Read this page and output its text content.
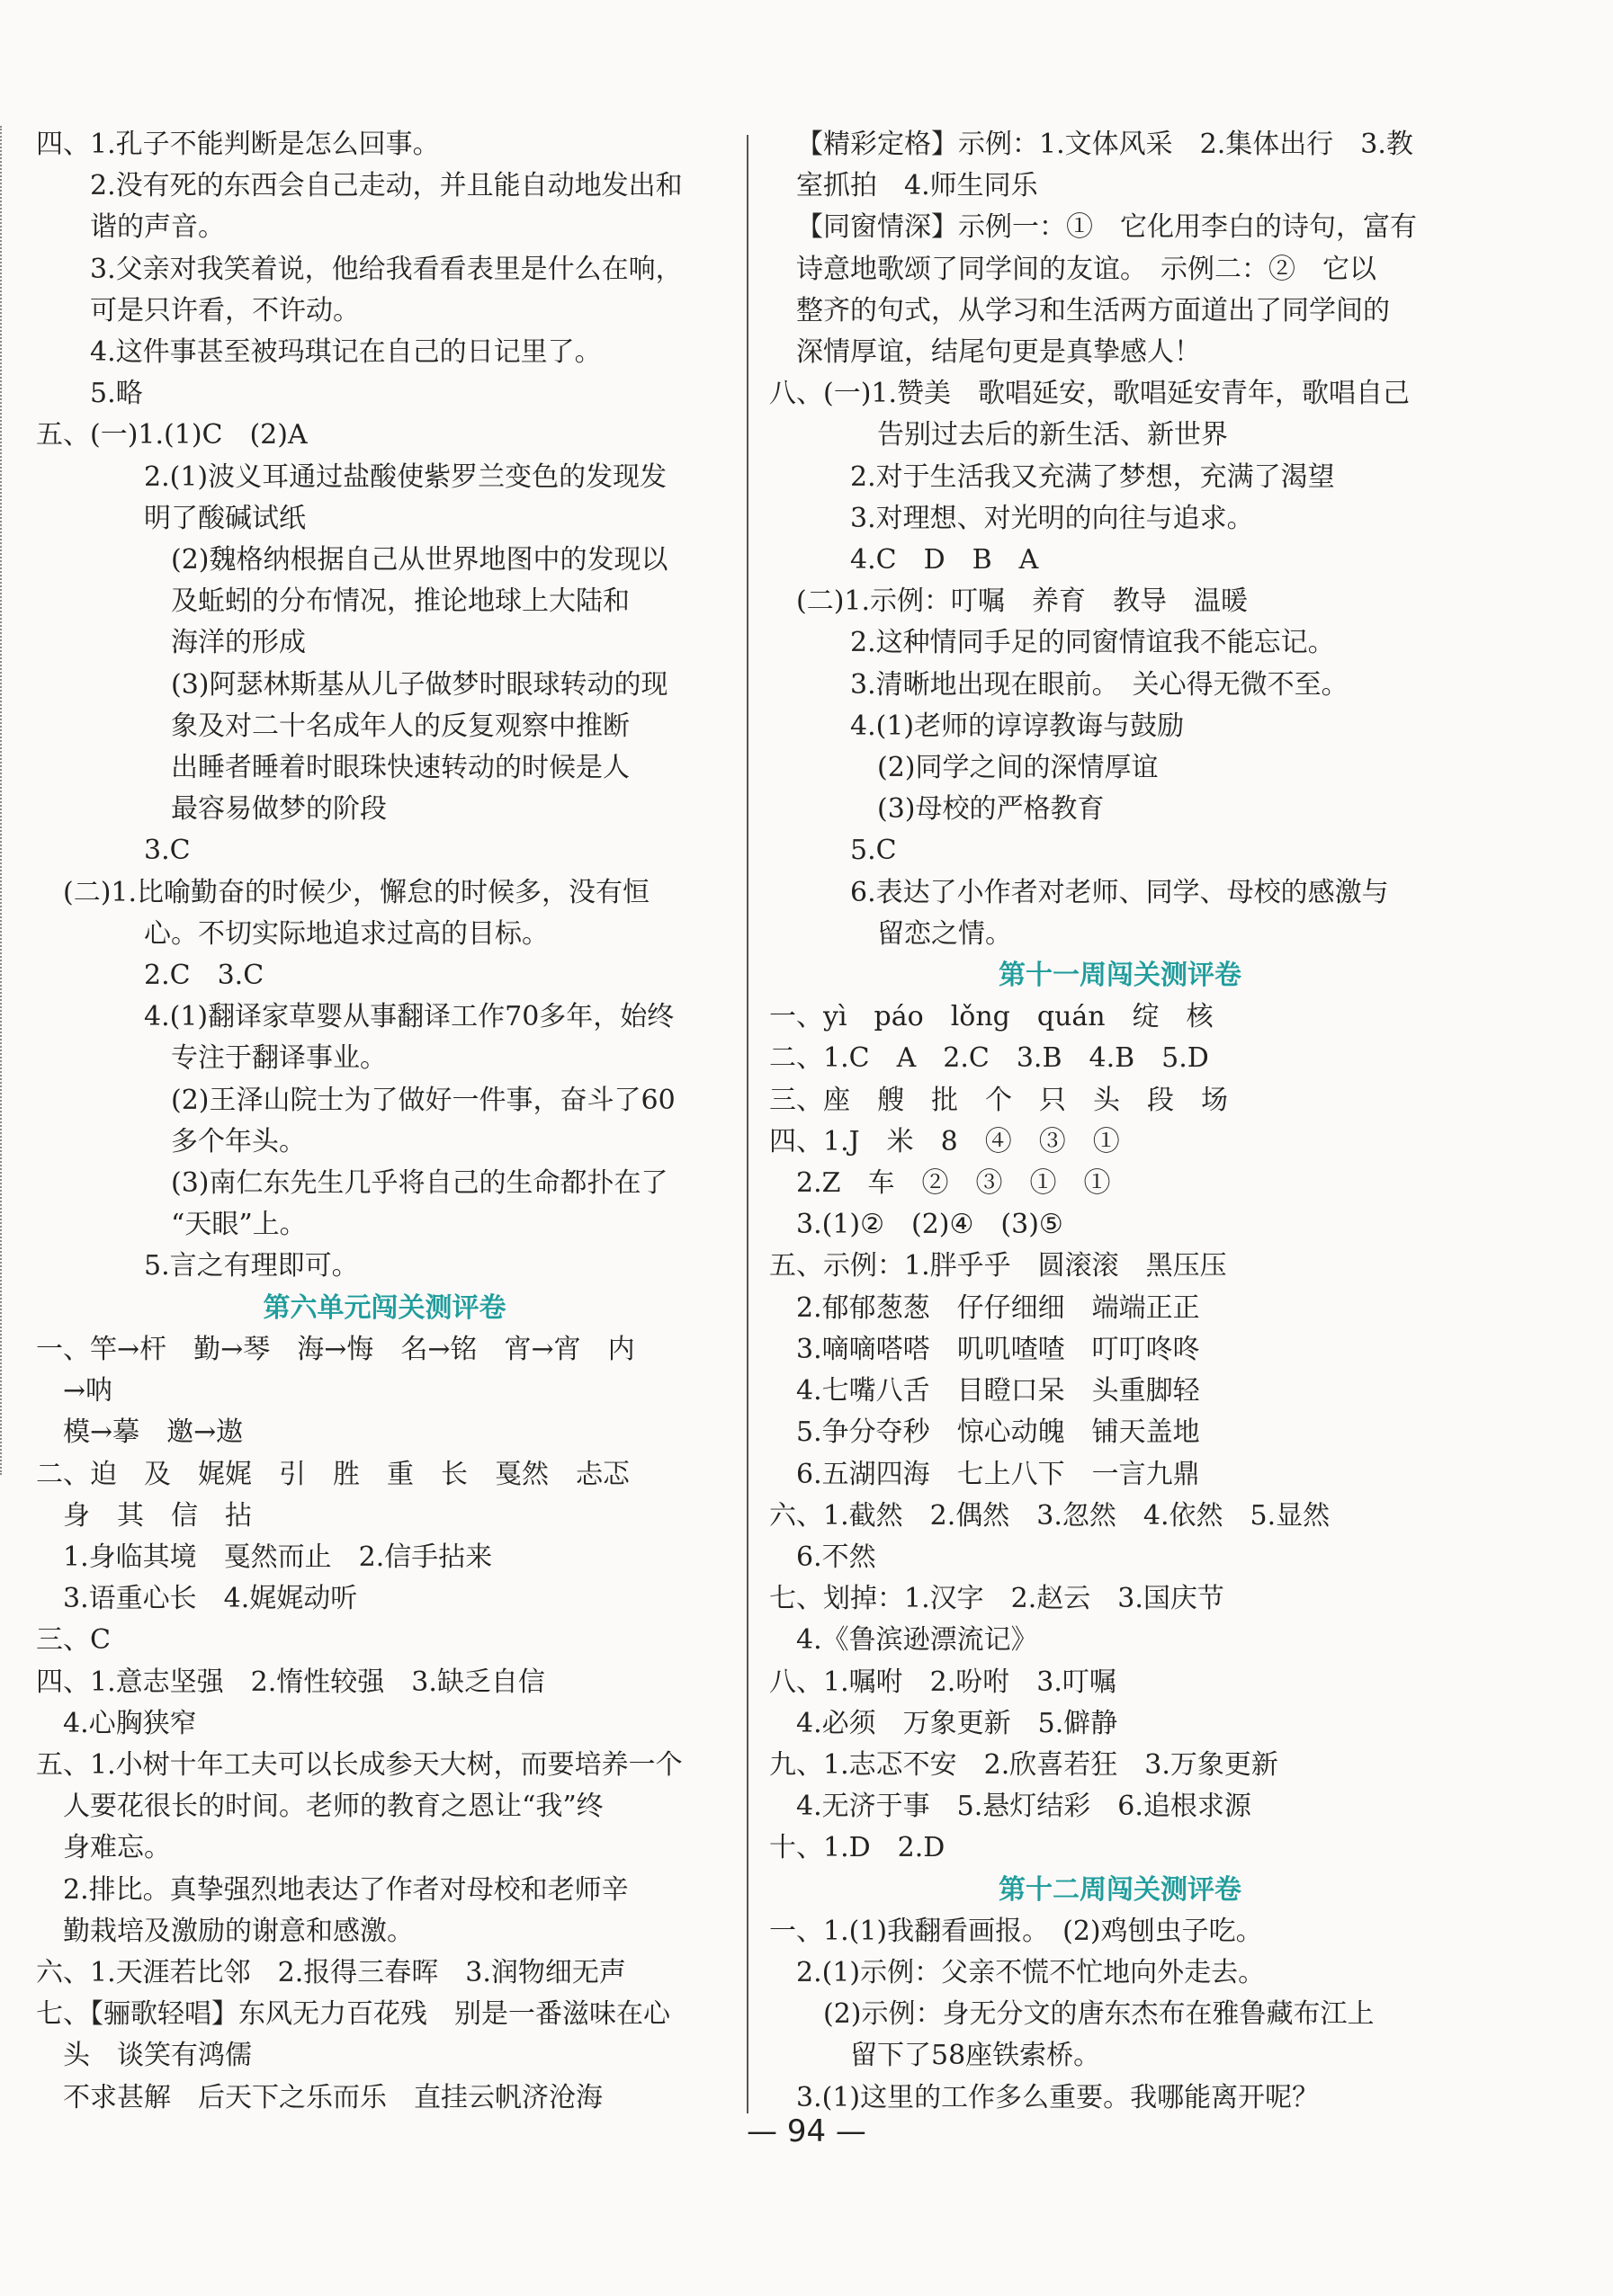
四、1.孔子不能判断是怎么回事。
2.没有死的东西会自己走动，并且能自动地发出和
谐的声音。
3.父亲对我笑着说，他给我看看表里是什么在响，
可是只许看，不许动。
4.这件事甚至被玛琪记在自己的日记里了。
5.略
五、(一)1.(1)C　(2)A
2.(1)波义耳通过盐酸使紫罗兰变色的发现发
明了酸碱试纸
(2)魏格纳根据自己从世界地图中的发现以
及蚯蚓的分布情况，推论地球上大陆和
海洋的形成
(3)阿瑟林斯基从儿子做梦时眼球转动的现
象及对二十名成年人的反复观察中推断
出睡者睡着时眼珠快速转动的时候是人
最容易做梦的阶段
3.C
(二)1.比喻勤奋的时候少，懈怠的时候多，没有恒
心。不切实际地追求过高的目标。
2.C　3.C
4.(1)翻译家草婴从事翻译工作70多年，始终
专注于翻译事业。
(2)王泽山院士为了做好一件事，奋斗了60
多个年头。
(3)南仁东先生几乎将自己的生命都扑在了
“天眼”上。
5.言之有理即可。
第六单元闯关测评卷
一、竿→杆　勤→琴　海→悔　名→铭　宵→宵　内
→呐
模→摹　邀→遨
二、迫　及　娓娓　引　胜　重　长　戛然　忐忑
身　其　信　拈
1.身临其境　戛然而止　2.信手拈来
3.语重心长　4.娓娓动听
三、C
四、1.意志坚强　2.惰性较强　3.缺乏自信
4.心胸狭窄
五、1.小树十年工夫可以长成参天大树，而要培养一个
人要花很长的时间。老师的教育之恩让“我”终
身难忘。
2.排比。真挚强烈地表达了作者对母校和老师辛
勤栽培及激励的谢意和感激。
六、1.天涯若比邻　2.报得三春晖　3.润物细无声
七、【骊歌轻唱】东风无力百花残　别是一番滋味在心
头　谈笑有鸿儒
不求甚解　后天下之乐而乐　直挂云帆济沧海
【精彩定格】示例：1.文体风采　2.集体出行　3.教
室抓拍　4.师生同乐
【同窗情深】示例一：①　它化用李白的诗句，富有
诗意地歌颂了同学间的友谊。　示例二：②　它以
整齐的句式，从学习和生活两方面道出了同学间的
深情厚谊，结尾句更是真挚感人！
八、(一)1.赞美　歌唱延安，歌唱延安青年，歌唱自己
告别过去后的新生活、新世界
2.对于生活我又充满了梦想，充满了渴望
3.对理想、对光明的向往与追求。
4.C　D　B　A
(二)1.示例：叮嘱　养育　教导　温暖
2.这种情同手足的同窗情谊我不能忘记。
3.清晰地出现在眼前。　关心得无微不至。
4.(1)老师的谆谆教诲与鼓励
(2)同学之间的深情厚谊
(3)母校的严格教育
5.C
6.表达了小作者对老师、同学、母校的感激与
留恋之情。
第十一周闯关测评卷
一、yì　páo　lǒng　quán　绽　核
二、1.C　A　2.C　3.B　4.B　5.D
三、座　艘　批　个　只　头　段　场
四、1.J　米　8　④　③　①
2.Z　车　②　③　①　①
3.(1)②　(2)④　(3)⑤
五、示例：1.胖乎乎　圆滚滚　黑压压
2.郁郁葱葱　仔仔细细　端端正正
3.嘀嘀嗒嗒　叽叽喳喳　叮叮咚咚
4.七嘴八舌　目瞪口呆　头重脚轻
5.争分夺秒　惊心动魄　铺天盖地
6.五湖四海　七上八下　一言九鼎
六、1.截然　2.偶然　3.忽然　4.依然　5.显然
6.不然
七、划掉：1.汉字　2.赵云　3.国庆节
4.《鲁滨逊漂流记》
八、1.嘱咐　2.吩咐　3.叮嘱
4.必须　万象更新　5.僻静
九、1.志忑不安　2.欣喜若狂　3.万象更新
4.无济于事　5.悬灯结彩　6.追根求源
十、1.D　2.D
第十二周闯关测评卷
一、1.(1)我翻看画报。　(2)鸡刨虫子吃。
2.(1)示例：父亲不慌不忙地向外走去。
(2)示例：身无分文的唐东杰布在雅鲁藏布江上
留下了58座铁索桥。
3.(1)这里的工作多么重要。我哪能离开呢？
— 94 —
